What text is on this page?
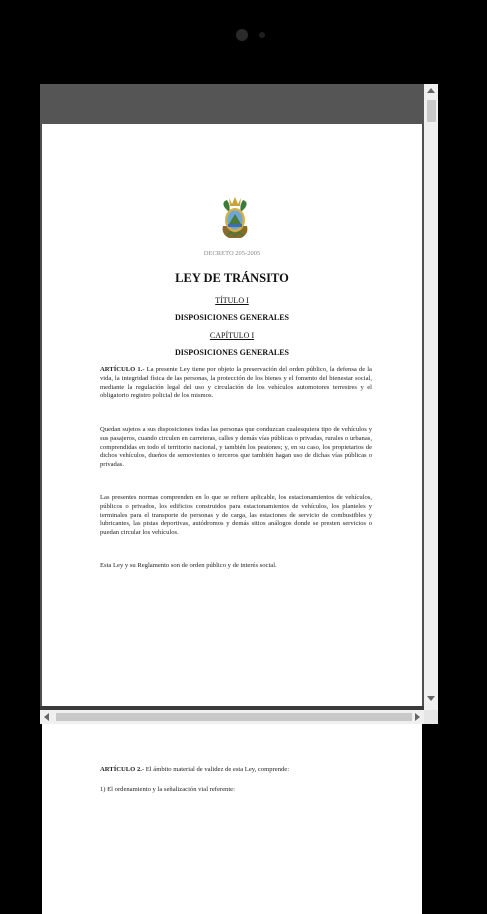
DECRETO 205-2005
LEY DE TRÁNSITO
TÍTULO I
DISPOSICIONES GENERALES
CAPÍTULO I
DISPOSICIONES GENERALES

ARTÍCULO 1.- La presente Ley tiene por objeto la preservación del orden público, la defensa de la vida, la integridad física de las personas, la protección de los bienes y el fomento del bienestar social, mediante la regulación legal del uso y circulación de los vehículos automotores terrestres y el obligatorio registro policial de los mismos.

Quedan sujetos a sus disposiciones todas las personas que conduzcan cualesquiera tipo de vehículos y sus pasajeros, cuando circulen en carreteras, calles y demás vías públicas o privadas, rurales o urbanas, comprendidas en todo el territorio nacional, y también los peatones; y, en su caso, los propietarios de dichos vehículos, dueños de semovientes o terceros que también hagan uso de dichas vías públicas o privadas.

Las presentes normas comprenden en lo que se refiere aplicable, los estacionamientos de vehículos, públicos o privados, los edificios construidos para estacionamientos de vehículos, los planteles y terminales para el transporte de personas y de carga, las estaciones de servicio de combustibles y lubricantes, las pistas deportivas, autódromos y demás sitios análogos donde se presten servicios o puedan circular los vehículos.

Esta Ley y su Reglamento son de orden público y de interés social.

ARTÍCULO 2.- El ámbito material de validez de esta Ley, comprende:

1) El ordenamiento y la señalización vial referente:
